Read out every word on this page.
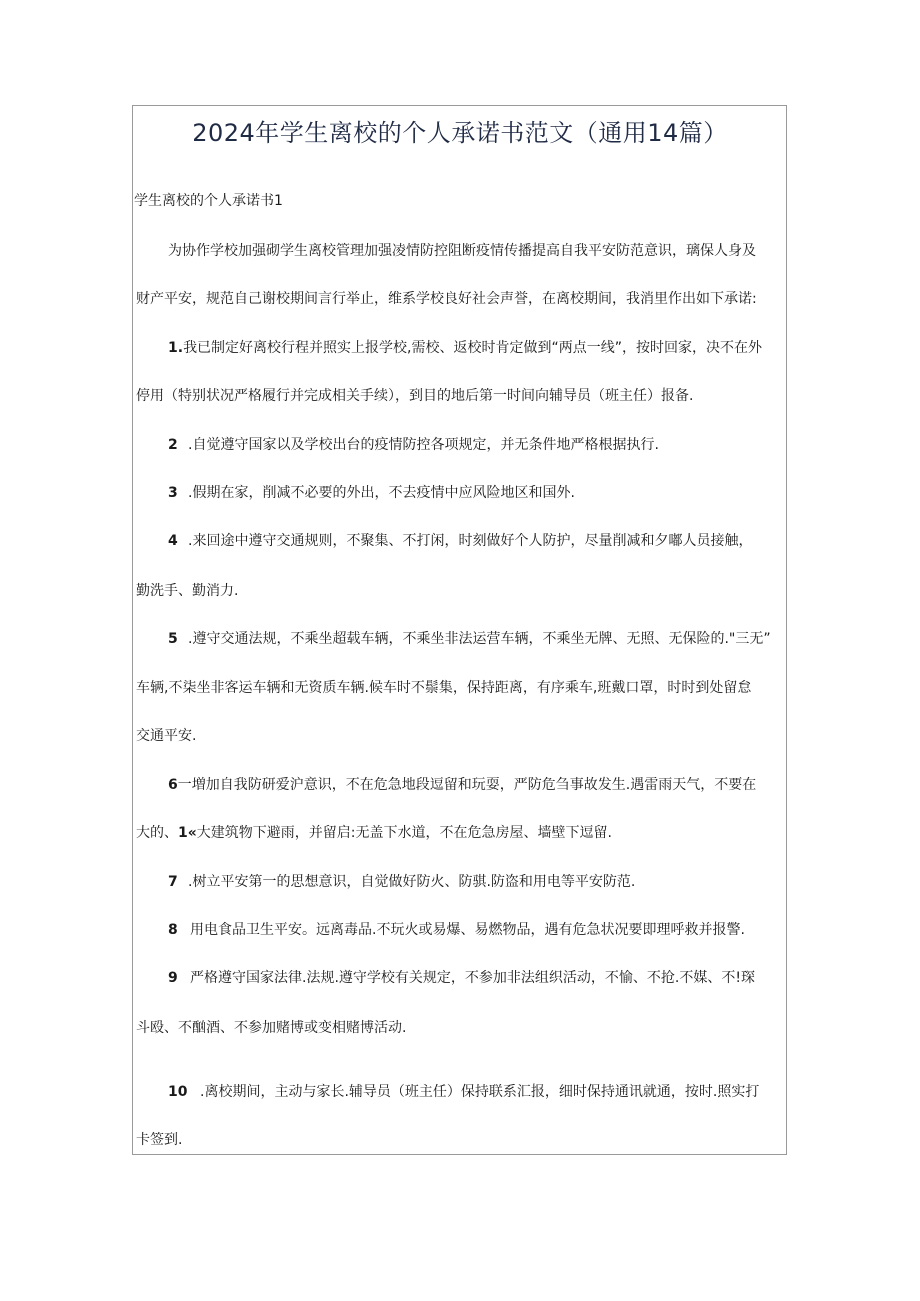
2024年学生离校的个人承诺书范文（通用14篇）
学生离校的个人承诺书1
为协作学校加强砌学生离校管理加强凌情防控阻断疫情传播提高自我平安防范意识，璃保人身及
财产平安，规范自己谢校期间言行举止，维系学校良好社会声誉，在离校期间，我消里作出如下承诺:
1.我已制定好离校行程并照实上报学校,需校、返校时肯定做到“两点一线”，按时回家，决不在外
停用（特别状况严格履行并完成相关手续），到目的地后第一时间向辅导员（班主任）报备.
2 .自觉遵守国家以及学校出台的疫情防控各项规定，并无条件地严格根据执行.
3 .假期在家，削减不必要的外出，不去疫情中应风险地区和国外.
4 .来回途中遵守交通规则，不聚集、不打闲，时刻做好个人防护，尽量削减和夕嘟人员接触，
勤洗手、勤消力.
5 .遵守交通法规，不乘坐超载车辆，不乘坐非法运营车辆，不乘坐无牌、无照、无保险的."三无”
车辆,不柒坐非客运车辆和无资质车辆.候车时不鬃集，保持距离，有序乘车,班戴口罩，时时到处留怠
交通平安.
6一増加自我防研爱沪意识，不在危急地段逗留和玩耍，严防危刍事故发生.遇雷雨天气，不要在
大的、1«大建筑物下避雨，并留启:无盖下水道，不在危急房屋、墙壁下逗留.
7 .树立平安第一的思想意识，自觉做好防火、防骐.防盗和用电等平安防范.
8 用电食品卫生平安。远离毒品.不玩火或易爆、易燃物品，遇有危急状况要即理呼救并报警.
9 严格遵守国家法律.法规.遵守学校有关规定，不参加非法组织活动，不愉、不抢.不媒、不!琛
斗殴、不酗酒、不参加赌博或变相赌博活动.
10 .离校期间，主动与家长.辅导员（班主任）保持联系汇报，细时保持通讯就通，按时.照实打
卡签到.
